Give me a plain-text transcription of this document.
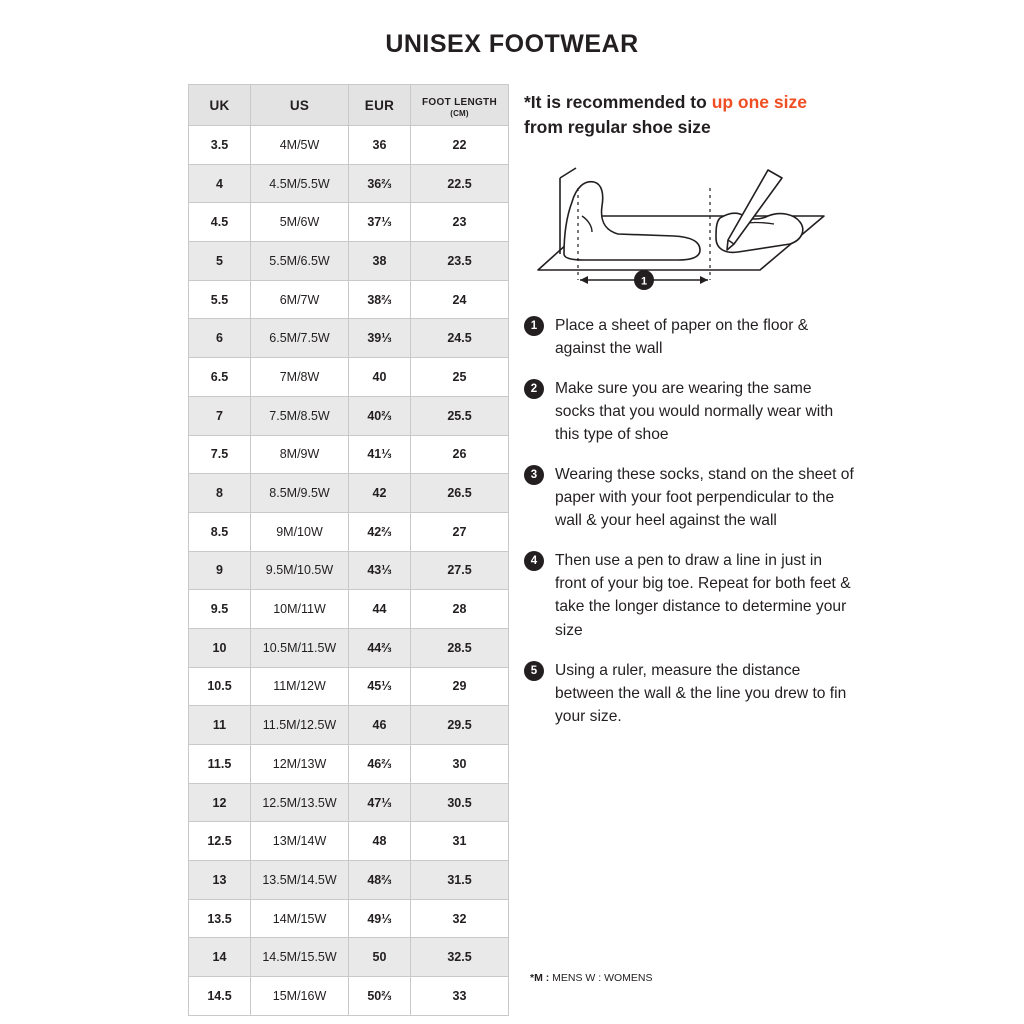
UNISEX FOOTWEAR
UK	US	EUR	FOOT LENGTH
(CM)

3.5	4M/5W	36	22
4	4.5M/5.5W	36⅔	22.5
4.5	5M/6W	37⅓	23
5	5.5M/6.5W	38	23.5
5.5	6M/7W	38⅔	24
6	6.5M/7.5W	39⅓	24.5
6.5	7M/8W	40	25
7	7.5M/8.5W	40⅔	25.5
7.5	8M/9W	41⅓	26
8	8.5M/9.5W	42	26.5
8.5	9M/10W	42⅔	27
9	9.5M/10.5W	43⅓	27.5
9.5	10M/11W	44	28
10	10.5M/11.5W	44⅔	28.5
10.5	11M/12W	45⅓	29
11	11.5M/12.5W	46	29.5
11.5	12M/13W	46⅔	30
12	12.5M/13.5W	47⅓	30.5
12.5	13M/14W	48	31
13	13.5M/14.5W	48⅔	31.5
13.5	14M/15W	49⅓	32
14	14.5M/15.5W	50	32.5
14.5	15M/16W	50⅔	33
*It is recommended to up one size
from regular shoe size
1
1	Place a sheet of paper on the floor & against the wall
2	Make sure you are wearing the same socks that you would normally wear with this type of shoe
3	Wearing these socks, stand on the sheet of paper with your foot perpendicular to the wall & your heel against the wall
4	Then use a pen to draw a line in just in front of your big toe. Repeat for both feet & take the longer distance to determine your size
5	Using a ruler, measure the distance between the wall & the line you drew to fin your size.
*M : MENS W : WOMENS
